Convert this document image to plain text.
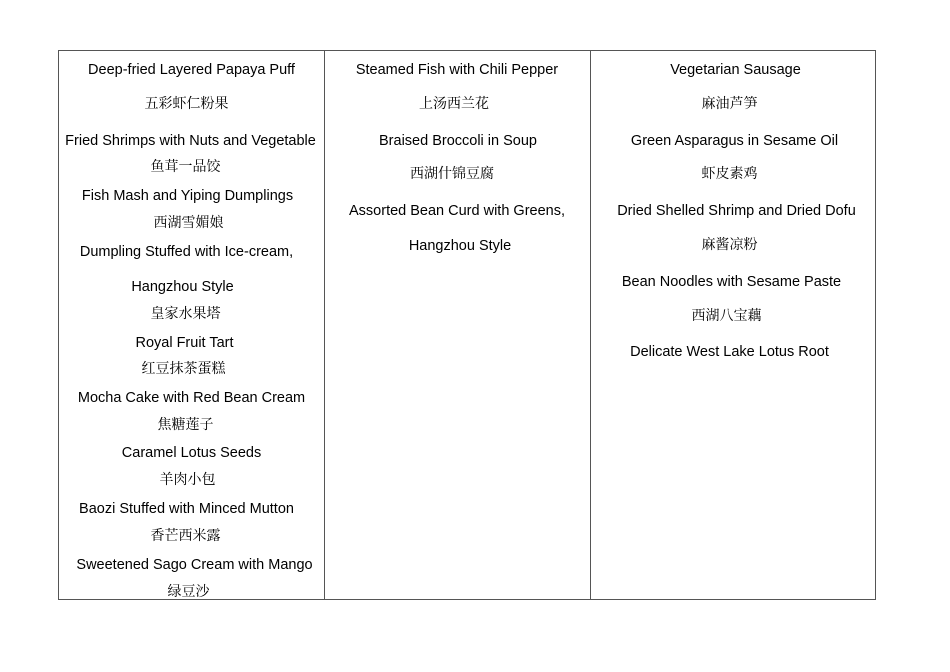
Deep-fried Layered Papaya Puff
五彩虾仁粉果
Fried Shrimps with Nuts and Vegetable
鱼茸一品饺
Fish Mash and Yiping Dumplings
西湖雪媚娘
Dumpling Stuffed with Ice-cream,
Hangzhou Style
皇家水果塔
Royal Fruit Tart
红豆抹茶蛋糕
Mocha Cake with Red Bean Cream
焦糖莲子
Caramel Lotus Seeds
羊肉小包
Baozi Stuffed with Minced Mutton
香芒西米露
Sweetened Sago Cream with Mango
绿豆沙
Steamed Fish with Chili Pepper
上汤西兰花
Braised Broccoli in Soup
西湖什锦豆腐
Assorted Bean Curd with Greens,
Hangzhou Style
Vegetarian Sausage
麻油芦笋
Green Asparagus in Sesame Oil
虾皮素鸡
Dried Shelled Shrimp and Dried Dofu
麻酱凉粉
Bean Noodles with Sesame Paste
西湖八宝藕
Delicate West Lake Lotus Root
